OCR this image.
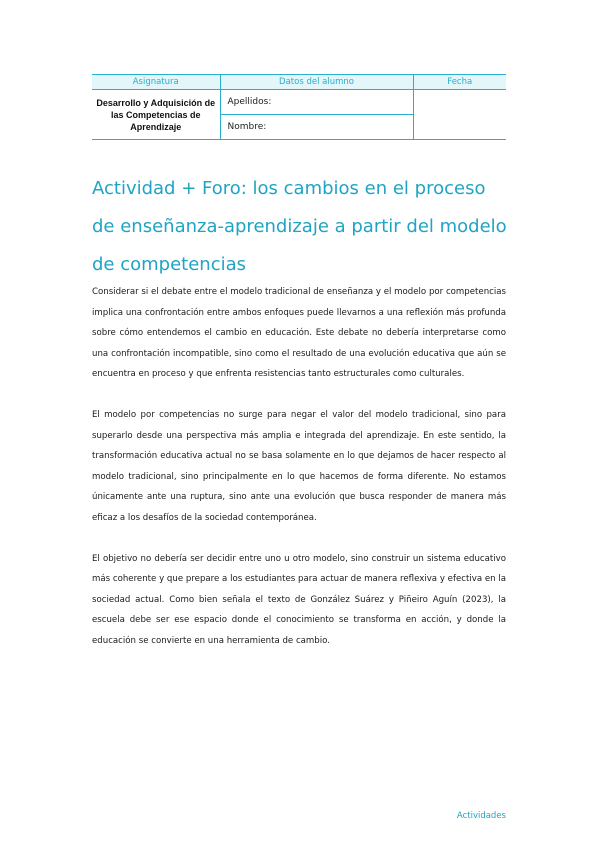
Asignatura	Datos del alumno	Fecha
Desarrollo y Adquisición de las Competencias de Aprendizaje	Apellidos:	
	Nombre:	
Actividad + Foro: los cambios en el proceso de enseñanza-aprendizaje a partir del modelo de competencias

Considerar si el debate entre el modelo tradicional de enseñanza y el modelo por competencias implica una confrontación entre ambos enfoques puede llevarnos a una reflexión más profunda sobre cómo entendemos el cambio en educación. Este debate no debería interpretarse como una confrontación incompatible, sino como el resultado de una evolución educativa que aún se encuentra en proceso y que enfrenta resistencias tanto estructurales como culturales.

El modelo por competencias no surge para negar el valor del modelo tradicional, sino para superarlo desde una perspectiva más amplia e integrada del aprendizaje. En este sentido, la transformación educativa actual no se basa solamente en lo que dejamos de hacer respecto al modelo tradicional, sino principalmente en lo que hacemos de forma diferente. No estamos únicamente ante una ruptura, sino ante una evolución que busca responder de manera más eficaz a los desafíos de la sociedad contemporánea.

El objetivo no debería ser decidir entre uno u otro modelo, sino construir un sistema educativo más coherente y que prepare a los estudiantes para actuar de manera reflexiva y efectiva en la sociedad actual. Como bien señala el texto de González Suárez y Piñeiro Aguín (2023), la escuela debe ser ese espacio donde el conocimiento se transforma en acción, y donde la educación se convierte en una herramienta de cambio.

Actividades
